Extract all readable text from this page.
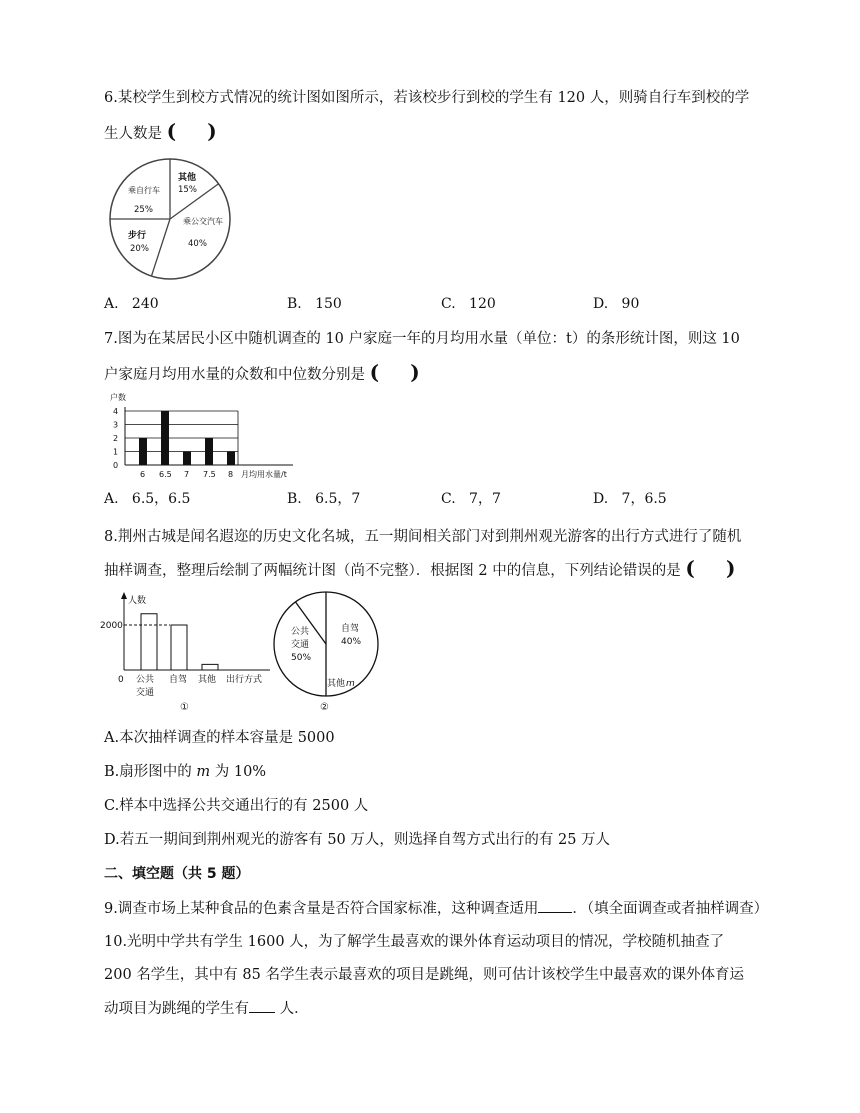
6.某校学生到校方式情况的统计图如图所示，若该校步行到校的学生有 120 人，则骑自行车到校的学
生人数是 ( )
其他
15%
乘公交汽车
40%
步行
20%
乘自行车
25%
A. 240	B. 150	C. 120	D. 90
7.图为在某居民小区中随机调查的 10 户家庭一年的月均用水量（单位：t）的条形统计图，则这 10
户家庭月均用水量的众数和中位数分别是 ( )
户数
0
1
2
3
4
6 6.5 7 7.5 8 月均用水量/t
A. 6.5，6.5	B. 6.5，7	C. 7，7	D. 7，6.5
8.荆州古城是闻名遐迩的历史文化名城，五一期间相关部门对到荆州观光游客的出行方式进行了随机
抽样调查，整理后绘制了两幅统计图（尚不完整）．根据图 2 中的信息，下列结论错误的是 ( )
人数
2000
0 公共
交通
自驾 其他 出行方式
①
公共
交通
50%
自驾
40%
其他 m
②
A.本次抽样调查的样本容量是 5000
B.扇形图中的 m 为 10%
C.样本中选择公共交通出行的有 2500 人
D.若五一期间到荆州观光的游客有 50 万人，则选择自驾方式出行的有 25 万人
二、填空题（共 5 题）
9.调查市场上某种食品的色素含量是否符合国家标准，这种调查适用 ．（填全面调查或者抽样调查）
10.光明中学共有学生 1600 人，为了解学生最喜欢的课外体育运动项目的情况，学校随机抽查了
200 名学生，其中有 85 名学生表示最喜欢的项目是跳绳，则可估计该校学生中最喜欢的课外体育运
动项目为跳绳的学生有 人．
